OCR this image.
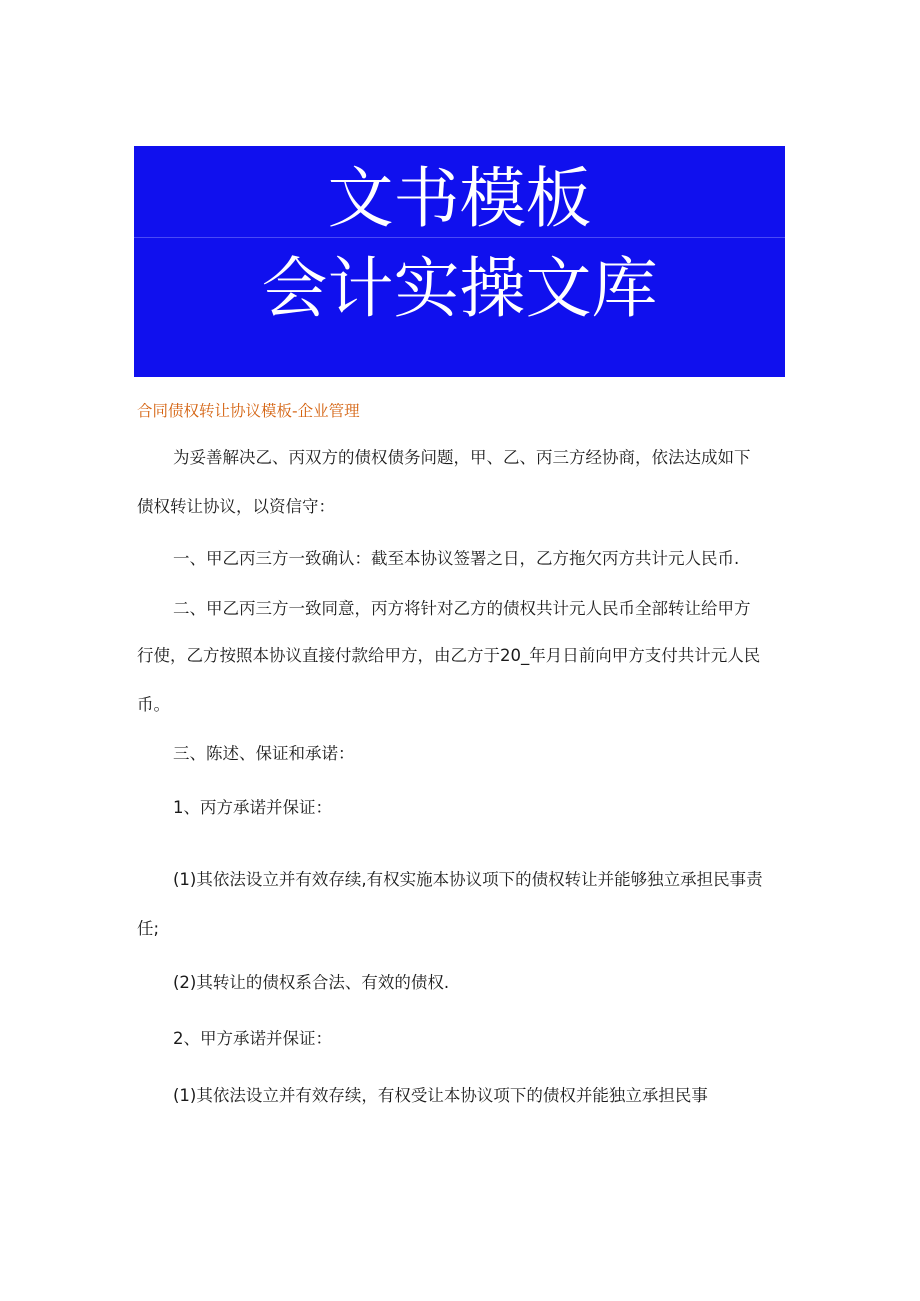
文书模板
会计实操文库
合同债权转让协议模板-企业管理
为妥善解决乙、丙双方的债权债务问题，甲、乙、丙三方经协商，依法达成如下
债权转让协议，以资信守：
一、甲乙丙三方一致确认：截至本协议签署之日，乙方拖欠丙方共计元人民币.
二、甲乙丙三方一致同意，丙方将针对乙方的债权共计元人民币全部转让给甲方
行使，乙方按照本协议直接付款给甲方，由乙方于20_年月日前向甲方支付共计元人民
币。
三、陈述、保证和承诺：
1、丙方承诺并保证：
(1)其依法设立并有效存续,有权实施本协议项下的债权转让并能够独立承担民事责
任;
(2)其转让的债权系合法、有效的债权.
2、甲方承诺并保证：
(1)其依法设立并有效存续，有权受让本协议项下的债权并能独立承担民事
